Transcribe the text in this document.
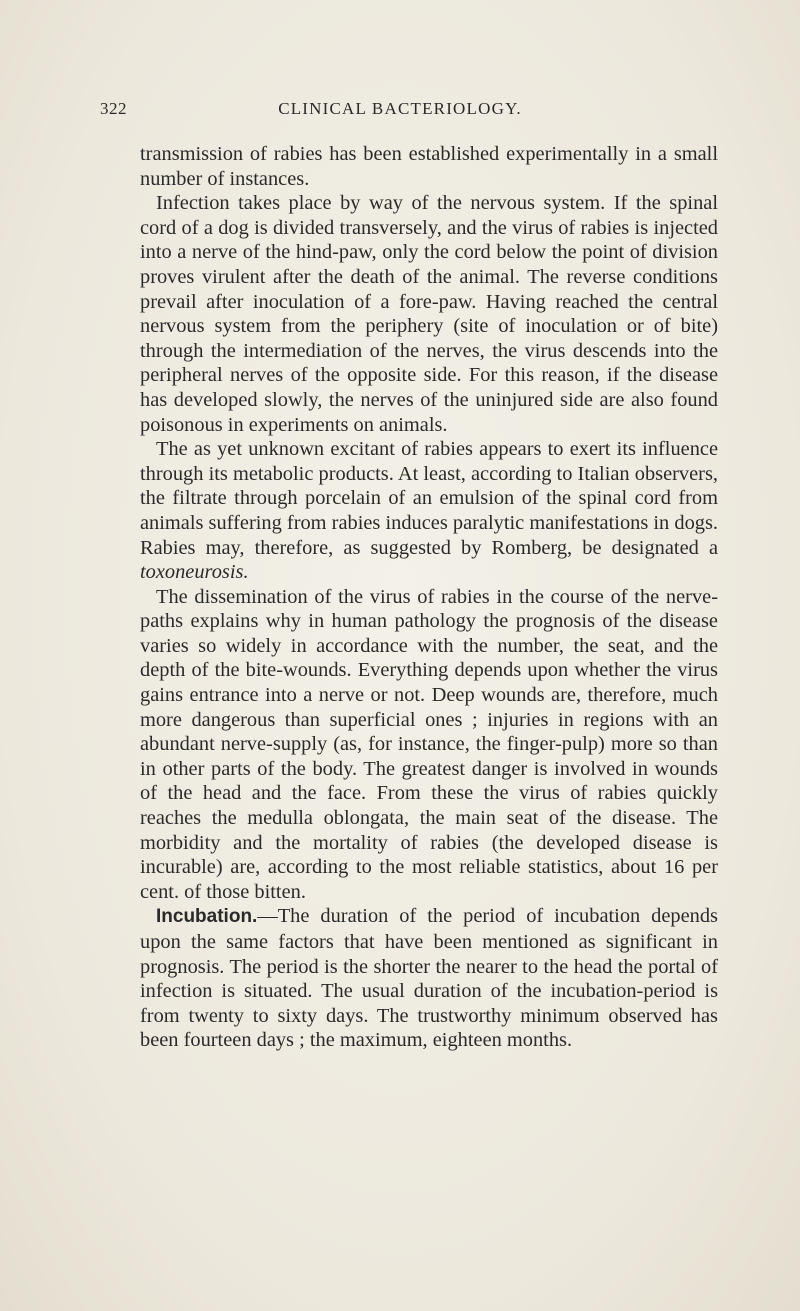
322	CLINICAL BACTERIOLOGY.

transmission of rabies has been established experimentally in a small number of instances.

Infection takes place by way of the nervous system. If the spinal cord of a dog is divided transversely, and the virus of rabies is injected into a nerve of the hind-paw, only the cord below the point of division proves virulent after the death of the animal. The reverse conditions prevail after inoculation of a fore-paw. Having reached the central nervous system from the periphery (site of inoculation or of bite) through the intermediation of the nerves, the virus descends into the peripheral nerves of the opposite side. For this reason, if the disease has developed slowly, the nerves of the uninjured side are also found poisonous in experiments on animals.

The as yet unknown excitant of rabies appears to exert its influence through its metabolic products. At least, according to Italian observers, the filtrate through porcelain of an emulsion of the spinal cord from animals suffering from rabies induces paralytic manifestations in dogs. Rabies may, therefore, as suggested by Romberg, be designated a toxoneurosis.

The dissemination of the virus of rabies in the course of the nerve-paths explains why in human pathology the prognosis of the disease varies so widely in accordance with the number, the seat, and the depth of the bite-wounds. Everything depends upon whether the virus gains entrance into a nerve or not. Deep wounds are, therefore, much more dangerous than superficial ones ; injuries in regions with an abundant nerve-supply (as, for instance, the finger-pulp) more so than in other parts of the body. The greatest danger is involved in wounds of the head and the face. From these the virus of rabies quickly reaches the medulla oblongata, the main seat of the disease. The morbidity and the mortality of rabies (the developed disease is incurable) are, according to the most reliable statistics, about 16 per cent. of those bitten.

Incubation.—The duration of the period of incubation depends upon the same factors that have been mentioned as significant in prognosis. The period is the shorter the nearer to the head the portal of infection is situated. The usual duration of the incubation-period is from twenty to sixty days. The trustworthy minimum observed has been fourteen days ; the maximum, eighteen months.
